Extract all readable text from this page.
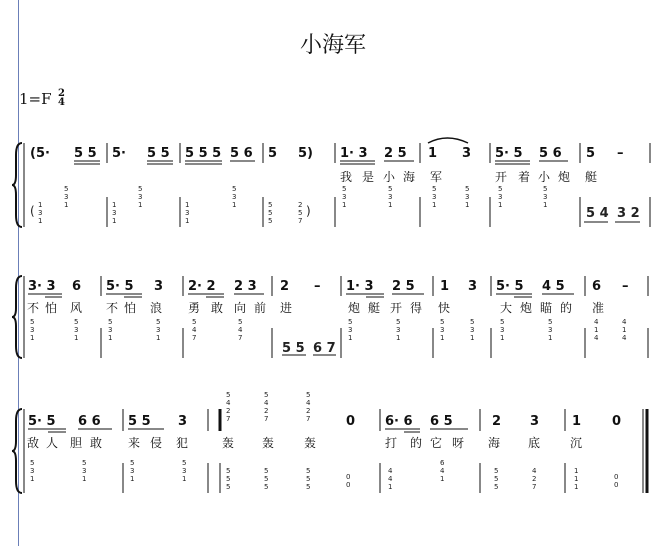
小海军
1=F 2
4
(5· 5 5 5· 5 5 5 5 5 5 6 5 5) 1· 3 2 5 1 3 5· 5 5 6 5 –
我 是 小 海 军	开 着 小 炮 艇
( 1
3
1
5
3
1	1
3
1
5
3
1	1
3
1
5
3
1	5
5
5
2
5
7
)
5
3
1
5
3
1
5
3
1
5
3
1
5
3
1
5
3
1
5 4 3 2
3· 3 6 5· 5 3 2· 2 2 3 2 – 1· 3 2 5 1 3 5· 5 4 5 6 –
不 怕 风 不 怕 浪 勇 敢 向 前 进	炮 艇 开 得 快	大 炮 瞄 的 准
5
3
1
5
3
1
5
3
1
5
3
1
5
4
7
5
4
7
5 5 6 7
5
3
1
5
3
1
5
3
1
5
3
1
5
3
1
5
3
1
4
1
4
4
1
4
5· 5 6 6 5 5 3	0 6· 6 6 5	2 3	1 0
5
4
2
7
5
4
2
7
5
4
2
7
敌 人 胆 敢 来 侵 犯	轰 轰 轰	打 的 它 呀 海 底 沉
5
3
1
5
3
1
5
3
1
5
3
1
5
5
5
5
5
5
5
5
5
0
0
4
4
1
6
4
1
5
5
5
4
2
7
1
1
1
0
0
